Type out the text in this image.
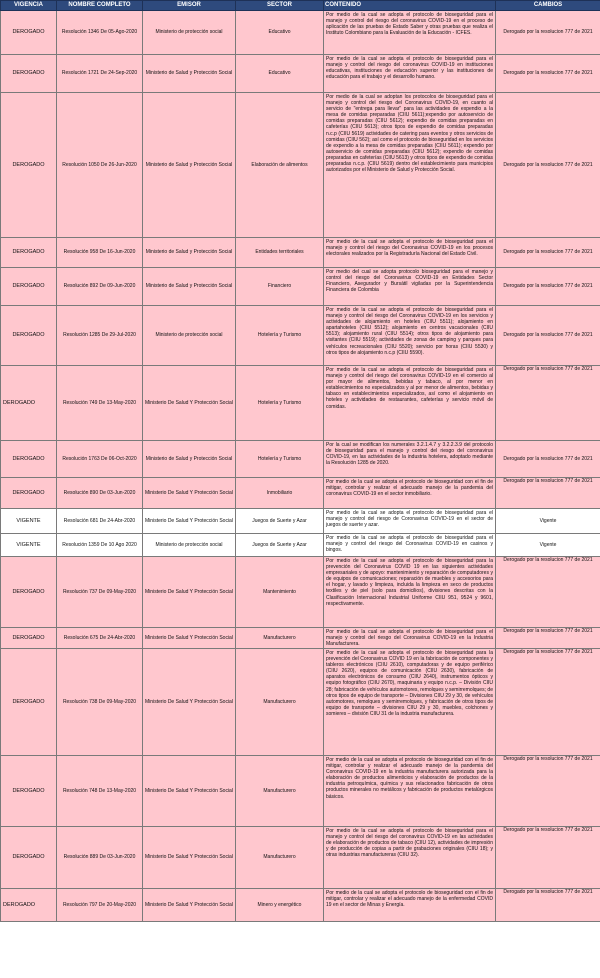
VIGENCIA	NOMBRE COMPLETO	EMISOR	SECTOR	CONTENIDO	CAMBIOS
DEROGADO	Resolución 1346 De 05-Ago-2020	Ministerio de protección social	Educativo	Por medio de la cual se adopta el protocolo de bioseguridad para el manejo y control del riesgo del coronavirus COVID-19 en el proceso de aplicación de las pruebas de Estado Saber y otras pruebas que realiza el Instituto Colombiano para la Evaluación de la Educación - ICFES.	Derogado por la resolucion 777 de 2021
DEROGADO	Resolución 1721 De 24-Sep-2020	Ministerio de Salud y Protección Social	Educativo	Por medio de la cual se adopta el protocolo de bioseguridad para el manejo y control del riesgo del coronavirus COVID-19 en instituciones educativas, instituciones de educación superior y las instituciones de educación para el trabajo y el desarrollo humano.	Derogado por la resolucion 777 de 2021
DEROGADO	Resolución 1050 De 26-Jun-2020	Ministerio de Salud y Protección Social	Elaboración de alimentos	Por medio de la cual se adoptan los protocolos de bioseguridad para el manejo y control del riesgo del Coronavirus COVID-19, en cuanto al servicio de "entrega para llevar" para las actividades de expendio a la mesa de comidas preparadas (CIIU 5611);expendio por autoservicio de comidas preparadas (CIIU 5612); expendio de comidas preparadas en cafeterías (CIIU 5613); otros tipos de expendio de comidas preparadas n.c.p (CIIU 5619) actividades de catering para eventos y otros servicios de comidas (CIIU 562); así como el protocolo de bioseguridad en los servicios de expendio a la mesa de comidas preparadas (CIIU 5611); expendio por autoservicio de comidas preparadas (CIIU 5612); expendio de comidas preparadas en cafeterías (CIIU 5613) y otros tipos de expendio de comidas preparadas n.c.p. (CIIU 5619) dentro del establecimiento para municipios autorizados por el Ministerio de Salud y Protección Social.	Derogado por la resolucion 777 de 2021
DEROGADO	Resolución 958 De 16-Jun-2020	Ministerio de Salud y Protección Social	Entidades territoriales	Por medio de la cual se adopta el protocolo de bioseguridad para el manejo y control del riesgo del Coronavirus COVID-19 en los procesos electorales realizados por la Registraduría Nacional del Estado Civil.	Derogado por la resolucion 777 de 2021
DEROGADO	Resolución 892 De 09-Jun-2020	Ministerio de Salud y Protección Social	Financiero	Por medio del cual se adopta protocolo bioseguridad para el manejo y control del riesgo del Coronavirus COVID-19 en Entidades Sector Financiero, Asegurador y Bursátil vigiladas por la Superintendencia Financiera de Colombia	Derogado por la resolucion 777 de 2021
DEROGADO	Resolución 1285 De 29-Jul-2020	Ministerio de protección social	Hotelería y Turismo	Por medio de la cual se adopta el protocolo de bioseguridad para el manejo y control del riesgo del Coronavirus COVID-19 en los servicios y actividades de alojamiento en hoteles (CIIU 5511); alojamiento en apartahoteles (CIIU 5512); alojamiento en centros vacacionales (CIIU 5513); alojamiento rural (CIIU 5514); otros tipos de alojamiento para visitantes (CIIU 5519); actividades de zonas de camping y parques para vehículos recreacionales (CIIU 5520); servicio por horas (CIIU 5530) y otros tipos de alojamiento n.c.p (CIIU 5590).	Derogado por la resolucion 777 de 2021
DEROGADO	Resolución 749 De 13-May-2020	Ministerio De Salud Y Protección Social	Hotelería y Turismo	Por medio de la cual se adopta el protocolo de bioseguridad para el manejo y control del riesgo del coronavirus COVID-19 en el comercio al por mayor de alimentos, bebidas y tabaco, al por menor en establecimientos no especializados y al por menor de alimentos, bebidas y tabaco en establecimientos especializados, así como el alojamiento en hoteles y actividades de restaurantes, cafeterías y servicio móvil de comidas.	Derogado por la resolucion 777 de 2021
DEROGADO	Resolución 1763 De 06-Oct-2020	Ministerio de Salud y Protección Social	Hotelería y Turismo	Por la cual se modifican los numerales 3.2.1.4.7 y 3.2.2.3.9 del protocolo de bioseguridad para el manejo y control del riesgo del coronavirus COVID-19, en las actividades de la industria hotelera, adoptado mediante la Resolución 1285 de 2020.	Derogado por la resolucion 777 de 2021
DEROGADO	Resolución 890 De 03-Jun-2020	Ministerio De Salud Y Protección Social	Inmobiliario	Por medio de la cual se adopta el protocolo de bioseguridad con el fin de mitigar, controlar y realizar el adecuado manejo de la pandemia del coronavirus COVID-19 en el sector inmobiliario.	Derogado por la resolucion 777 de 2021
VIGENTE	Resolución 681 De 24-Abr-2020	Ministerio De Salud Y Protección Social	Juegos de Suerte y Azar	Por medio de la cual se adopta el protocolo de bioseguridad para el manejo y control del riesgo de Coronavirus COVID-19 en el sector de juegos de suerte y azar.	Vigente
VIGENTE	Resolución 1359 De 10 Ago 2020	Ministerio de protección social	Juegos de Suerte y Azar	Por medio de la cual se adopta el protocolo de bioseguridad para el manejo y control del riesgo del Coronavirus COVID-19 en casinos y bingos.	Vigente
DEROGADO	Resolución 737 De 09-May-2020	Ministerio De Salud Y Protección Social	Mantenimiento	Por medio de la cual se adopta el protocolo de bioseguridad para la prevención del Coronavirus COVID 19 en las siguientes actividades empresariales y de apoyo: mantenimiento y reparación de computadores y de equipos de comunicaciones; reparación de muebles y accesorios para el hogar, y lavado y limpieza, incluida la limpieza en seco de productos textiles y de piel (solo para domicilios), divisiones descritas con la Clasificación Internacional Industrial Uniforme CIIU 951, 9524 y 9601, respectivamente.	Derogado por la resolucion 777 de 2021
DEROGADO	Resolución 675 De 24-Abr-2020	Ministerio De Salud Y Protección Social	Manufacturero	Por medio de la cual se adopta el protocolo de bioseguridad para el manejo y control del riesgo del Coronavirus COVID-19 en la Industria Manufacturera.	Derogado por la resolucion 777 de 2021
DEROGADO	Resolución 738 De 09-May-2020	Ministerio De Salud Y Protección Social	Manufacturero	Por medio de la cual se adopta el protocolo de bioseguridad para la prevención del Coronavirus COVID 19 en la fabricación de componentes y tableros electrónicos (CIIU 2610), computadoras y de equipo periférico (CIIU 2620), equipos de comunicación (CIIU 2630), fabricación de aparatos electrónicos de consumo (CIIU 2640), instrumentos ópticos y equipo fotográfico (CIIU 2670), maquinaria y equipo n.c.p. – División CIIU 28; fabricación de vehículos automotores, remolques y semirremolques; de otros tipos de equipo de transporte – Divisiones CIIU 29 y 30, de vehículos automotores, remolques y semirremolques, y fabricación de otros tipos de equipo de transporte – divisiones CIIU 29 y 30, muebles, colchones y somieres – división CIIU 31 de la industria manufacturera.	Derogado por la resolucion 777 de 2021
DEROGADO	Resolución 748 De 13-May-2020	Ministerio De Salud Y Protección Social	Manufacturero	Por medio de la cual se adopta el protocolo de bioseguridad con el fin de mitigar, controlar y realizar el adecuado manejo de la pandemia del Coronavirus COVID-19 en la industria manufacturera autorizada para la elaboración de productos alimenticios y elaboración de productos de la industria petroquímica, química y sus relacionados fabricación de otros productos minerales no metálicos y fabricación de productos metalúrgicos básicos.	Derogado por la resolucion 777 de 2021
DEROGADO	Resolución 889 De 03-Jun-2020	Ministerio De Salud Y Protección Social	Manufacturero	Por medio de la cual se adopta el protocolo de bioseguridad para el manejo y control del riesgo del coronavirus COVID-19 en las actividades de elaboración de productos de tabaco (CIIU 12), actividades de impresión y de producción de copias a partir de grabaciones originales (CIIU 18); y otras industrias manufactureras (CIIU 32).	Derogado por la resolucion 777 de 2021
DEROGADO	Resolución 797 De 20-May-2020	Ministerio De Salud Y Protección Social	Minero y energético	Por medio de la cual se adopta el protocolo de bioseguridad con el fin de mitigar, controlar y realizar el adecuado manejo de la enfermedad COVID 19 en el sector de Minas y Energía.	Derogado por la resolucion 777 de 2021
